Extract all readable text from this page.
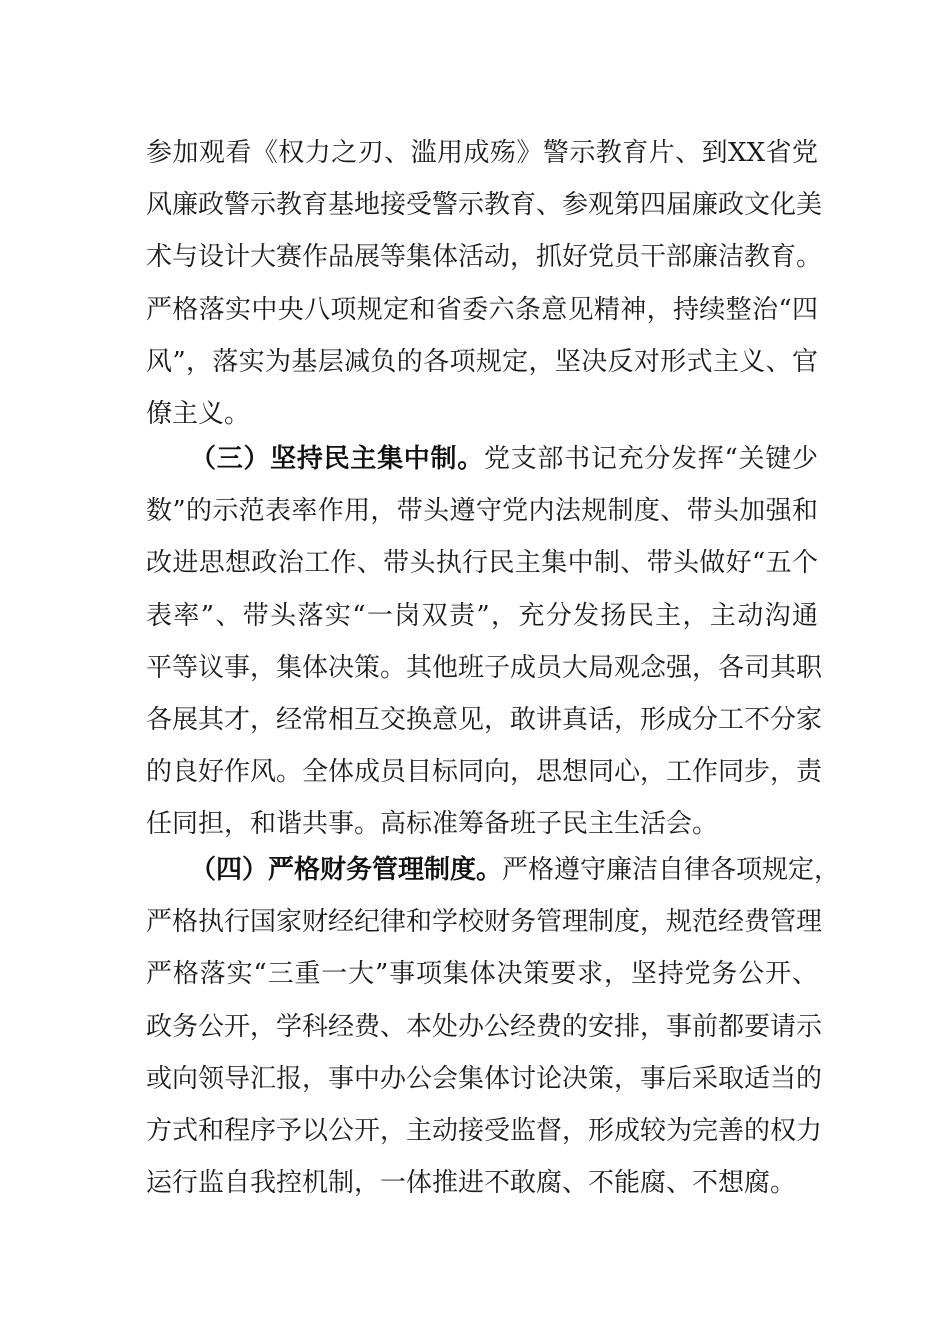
参加观看《权力之刃、滥用成殇》警示教育片、到XX省党
风廉政警示教育基地接受警示教育、参观第四届廉政文化美
术与设计大赛作品展等集体活动，抓好党员干部廉洁教育。
严格落实中央八项规定和省委六条意见精神，持续整治“四
风”，落实为基层减负的各项规定，坚决反对形式主义、官
僚主义。
（三）坚持民主集中制。党支部书记充分发挥“关键少
数”的示范表率作用，带头遵守党内法规制度、带头加强和
改进思想政治工作、带头执行民主集中制、带头做好“五个
表率”、带头落实“一岗双责”，充分发扬民主，主动沟通
平等议事，集体决策。其他班子成员大局观念强，各司其职
各展其才，经常相互交换意见，敢讲真话，形成分工不分家
的良好作风。全体成员目标同向，思想同心，工作同步，责
任同担，和谐共事。高标准筹备班子民主生活会。
（四）严格财务管理制度。严格遵守廉洁自律各项规定，
严格执行国家财经纪律和学校财务管理制度，规范经费管理
严格落实“三重一大”事项集体决策要求，坚持党务公开、
政务公开，学科经费、本处办公经费的安排，事前都要请示
或向领导汇报，事中办公会集体讨论决策，事后采取适当的
方式和程序予以公开，主动接受监督，形成较为完善的权力
运行监自我控机制，一体推进不敢腐、不能腐、不想腐。
